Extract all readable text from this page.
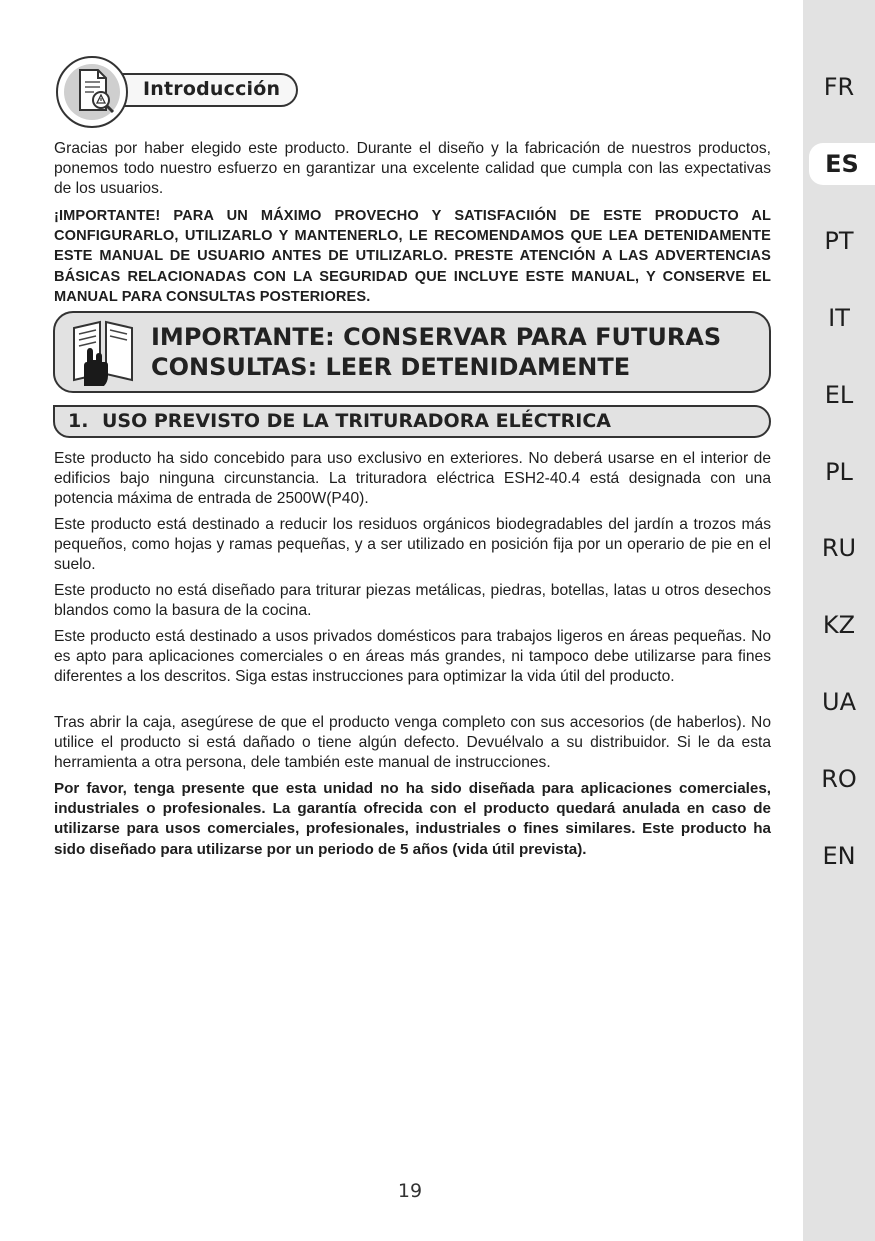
FR
ES
PT
IT
EL
PL
RU
KZ
UA
RO
EN
Introducción
Gracias por haber elegido este producto. Durante el diseño y la fabricación de nuestros productos, ponemos todo nuestro esfuerzo en garantizar una excelente calidad que cumpla con las expectativas de los usuarios.
¡IMPORTANTE! PARA UN MÁXIMO PROVECHO Y SATISFACIIÓN DE ESTE PRODUCTO AL CONFIGURARLO, UTILIZARLO Y MANTENERLO, LE RECOMENDAMOS QUE LEA DETENIDAMENTE ESTE MANUAL DE USUARIO ANTES DE UTILIZARLO. PRESTE ATENCIÓN A LAS ADVERTENCIAS BÁSICAS RELACIONADAS CON LA SEGURIDAD QUE INCLUYE ESTE MANUAL, Y CONSERVE EL MANUAL PARA CONSULTAS POSTERIORES.
IMPORTANTE: CONSERVAR PARA FUTURAS
CONSULTAS: LEER DETENIDAMENTE
1. USO PREVISTO DE LA TRITURADORA ELÉCTRICA
Este producto ha sido concebido para uso exclusivo en exteriores. No deberá usarse en el interior de edificios bajo ninguna circunstancia. La trituradora eléctrica ESH2-40.4 está designada con una potencia máxima de entrada de 2500W(P40).
Este producto está destinado a reducir los residuos orgánicos biodegradables del jardín a trozos más pequeños, como hojas y ramas pequeñas, y a ser utilizado en posición fija por un operario de pie en el suelo.
Este producto no está diseñado para triturar piezas metálicas, piedras, botellas, latas u otros desechos blandos como la basura de la cocina.
Este producto está destinado a usos privados domésticos para trabajos ligeros en áreas pequeñas. No es apto para aplicaciones comerciales o en áreas más grandes, ni tampoco debe utilizarse para fines diferentes a los descritos. Siga estas instrucciones para optimizar la vida útil del producto.
Tras abrir la caja, asegúrese de que el producto venga completo con sus accesorios (de haberlos). No utilice el producto si está dañado o tiene algún defecto. Devuélvalo a su distribuidor. Si le da esta herramienta a otra persona, dele también este manual de instrucciones.
Por favor, tenga presente que esta unidad no ha sido diseñada para aplicaciones comerciales, industriales o profesionales. La garantía ofrecida con el producto quedará anulada en caso de utilizarse para usos comerciales, profesionales, industriales o fines similares. Este producto ha sido diseñado para utilizarse por un periodo de 5 años (vida útil prevista).
19
